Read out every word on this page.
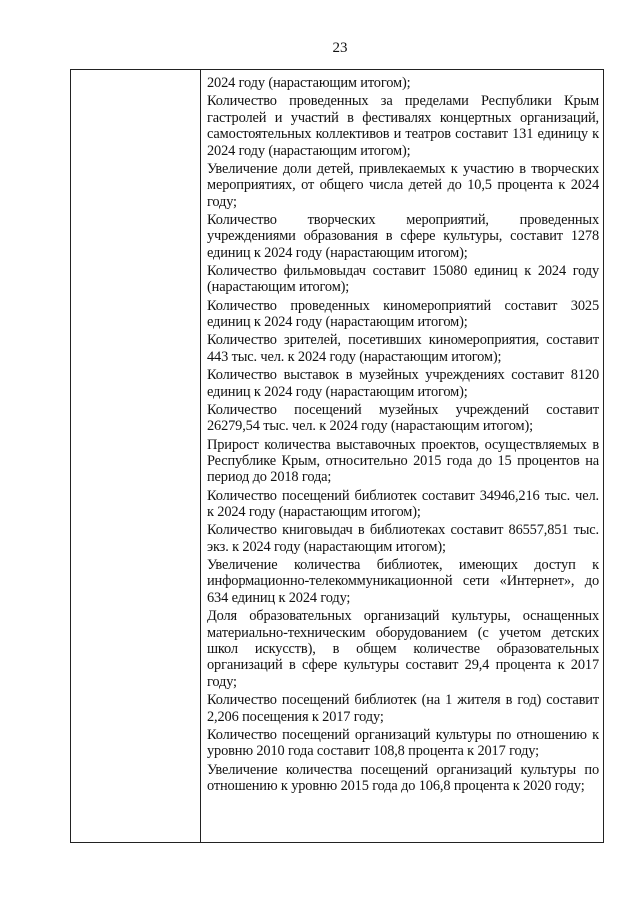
23

2024 году (нарастающим итогом);

Количество проведенных за пределами Республики Крым гастролей и участий в фестивалях концертных организаций, самостоятельных коллективов и театров составит 131 единицу к 2024 году (нарастающим итогом);

Увеличение доли детей, привлекаемых к участию в творческих мероприятиях, от общего числа детей до 10,5 процента к 2024 году;

Количество творческих мероприятий, проведенных учреждениями образования в сфере культуры, составит 1278 единиц к 2024 году (нарастающим итогом);

Количество фильмовыдач составит 15080 единиц к 2024 году (нарастающим итогом);

Количество проведенных киномероприятий составит 3025 единиц к 2024 году (нарастающим итогом);

Количество зрителей, посетивших киномероприятия, составит 443 тыс. чел. к 2024 году (нарастающим итогом);

Количество выставок в музейных учреждениях составит 8120 единиц к 2024 году (нарастающим итогом);

Количество посещений музейных учреждений составит 26279,54 тыс. чел. к 2024 году (нарастающим итогом);

Прирост количества выставочных проектов, осуществляемых в Республике Крым, относительно 2015 года до 15 процентов на период до 2018 года;

Количество посещений библиотек составит 34946,216 тыс. чел. к 2024 году (нарастающим итогом);

Количество книговыдач в библиотеках составит 86557,851 тыс. экз. к 2024 году (нарастающим итогом);

Увеличение количества библиотек, имеющих доступ к информационно-телекоммуникационной сети «Интернет», до 634 единиц к 2024 году;

Доля образовательных организаций культуры, оснащенных материально-техническим оборудованием (с учетом детских школ искусств), в общем количестве образовательных организаций в сфере культуры составит 29,4 процента к 2017 году;

Количество посещений библиотек (на 1 жителя в год) составит 2,206 посещения к 2017 году;

Количество посещений организаций культуры по отношению к уровню 2010 года составит 108,8 процента к 2017 году;

Увеличение количества посещений организаций культуры по отношению к уровню 2015 года до 106,8 процента к 2020 году;
